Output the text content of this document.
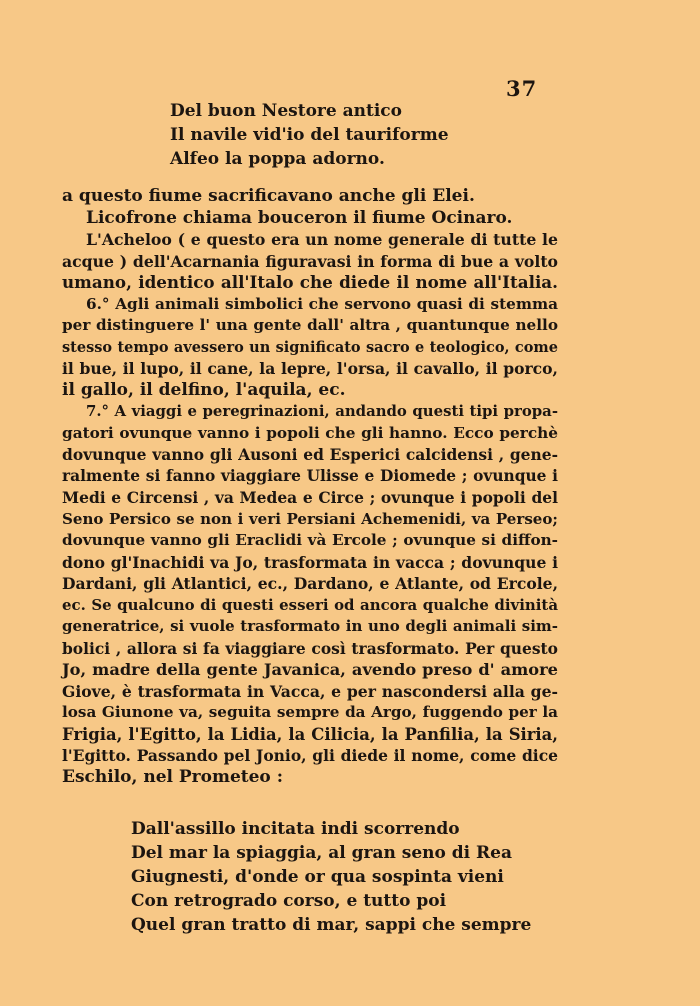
37
Del buon Nestore antico
Il navile vid'io del tauriforme
Alfeo la poppa adorno.
a questo fiume sacrificavano anche gli Elei.
Licofrone chiama bouceron il fiume Ocinaro.
L'Acheloo ( e questo era un nome generale di tutte le
acque ) dell'Acarnania figuravasi in forma di bue a volto
umano, identico all'Italo che diede il nome all'Italia.
6.° Agli animali simbolici che servono quasi di stemma
per distinguere l' una gente dall' altra , quantunque nello
stesso tempo avessero un significato sacro e teologico, come
il bue, il lupo, il cane, la lepre, l'orsa, il cavallo, il porco,
il gallo, il delfino, l'aquila, ec.
7.° A viaggi e peregrinazioni, andando questi tipi propa-
gatori ovunque vanno i popoli che gli hanno. Ecco perchè
dovunque vanno gli Ausoni ed Esperici calcidensi , gene-
ralmente si fanno viaggiare Ulisse e Diomede ; ovunque i
Medi e Circensi , va Medea e Circe ; ovunque i popoli del
Seno Persico se non i veri Persiani Achemenidi, va Perseo;
dovunque vanno gli Eraclidi và Ercole ; ovunque si diffon-
dono gl'Inachidi va Jo, trasformata in vacca ; dovunque i
Dardani, gli Atlantici, ec., Dardano, e Atlante, od Ercole,
ec. Se qualcuno di questi esseri od ancora qualche divinità
generatrice, si vuole trasformato in uno degli animali sim-
bolici , allora si fa viaggiare così trasformato. Per questo
Jo, madre della gente Javanica, avendo preso d' amore
Giove, è trasformata in Vacca, e per nascondersi alla ge-
losa Giunone va, seguita sempre da Argo, fuggendo per la
Frigia, l'Egitto, la Lidia, la Cilicia, la Panfilia, la Siria,
l'Egitto. Passando pel Jonio, gli diede il nome, come dice
Eschilo, nel Prometeo :
Dall'assillo incitata indi scorrendo
Del mar la spiaggia, al gran seno di Rea
Giugnesti, d'onde or qua sospinta vieni
Con retrogrado corso, e tutto poi
Quel gran tratto di mar, sappi che sempre
